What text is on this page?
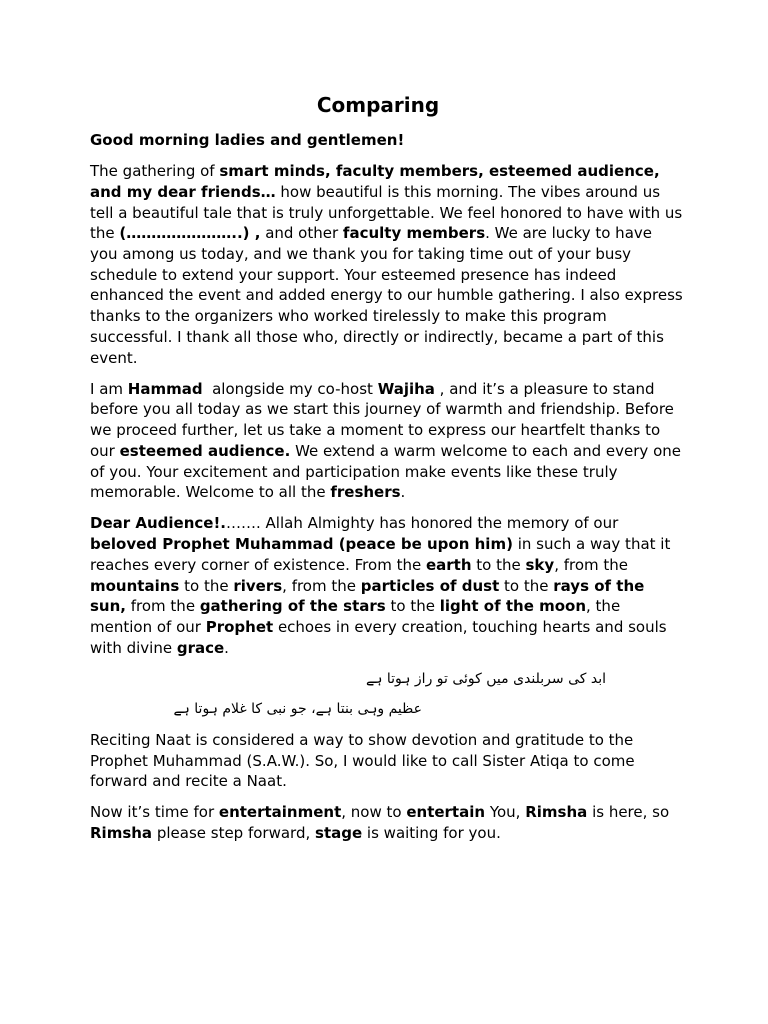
Comparing

Good morning ladies and gentlemen!

The gathering of smart minds, faculty members, esteemed audience, and my dear friends… how beautiful is this morning. The vibes around us tell a beautiful tale that is truly unforgettable. We feel honored to have with us the (…………………..) , and other faculty members. We are lucky to have you among us today, and we thank you for taking time out of your busy schedule to extend your support. Your esteemed presence has indeed enhanced the event and added energy to our humble gathering. I also express thanks to the organizers who worked tirelessly to make this program successful. I thank all those who, directly or indirectly, became a part of this event.

I am Hammad  alongside my co-host Wajiha , and it’s a pleasure to stand before you all today as we start this journey of warmth and friendship. Before we proceed further, let us take a moment to express our heartfelt thanks to our esteemed audience. We extend a warm welcome to each and every one of you. Your excitement and participation make events like these truly memorable. Welcome to all the freshers.

Dear Audience!.……. Allah Almighty has honored the memory of our beloved Prophet Muhammad (peace be upon him) in such a way that it reaches every corner of existence. From the earth to the sky, from the mountains to the rivers, from the particles of dust to the rays of the sun, from the gathering of the stars to the light of the moon, the mention of our Prophet echoes in every creation, touching hearts and souls with divine grace.

ابد کی سربلندی میں کوئی تو راز ہوتا ہے

عظیم وہی بنتا ہے، جو نبی کا غلام ہوتا ہے

Reciting Naat is considered a way to show devotion and gratitude to the Prophet Muhammad (S.A.W.). So, I would like to call Sister Atiqa to come forward and recite a Naat.

Now it’s time for entertainment, now to entertain You, Rimsha is here, so Rimsha please step forward, stage is waiting for you.
